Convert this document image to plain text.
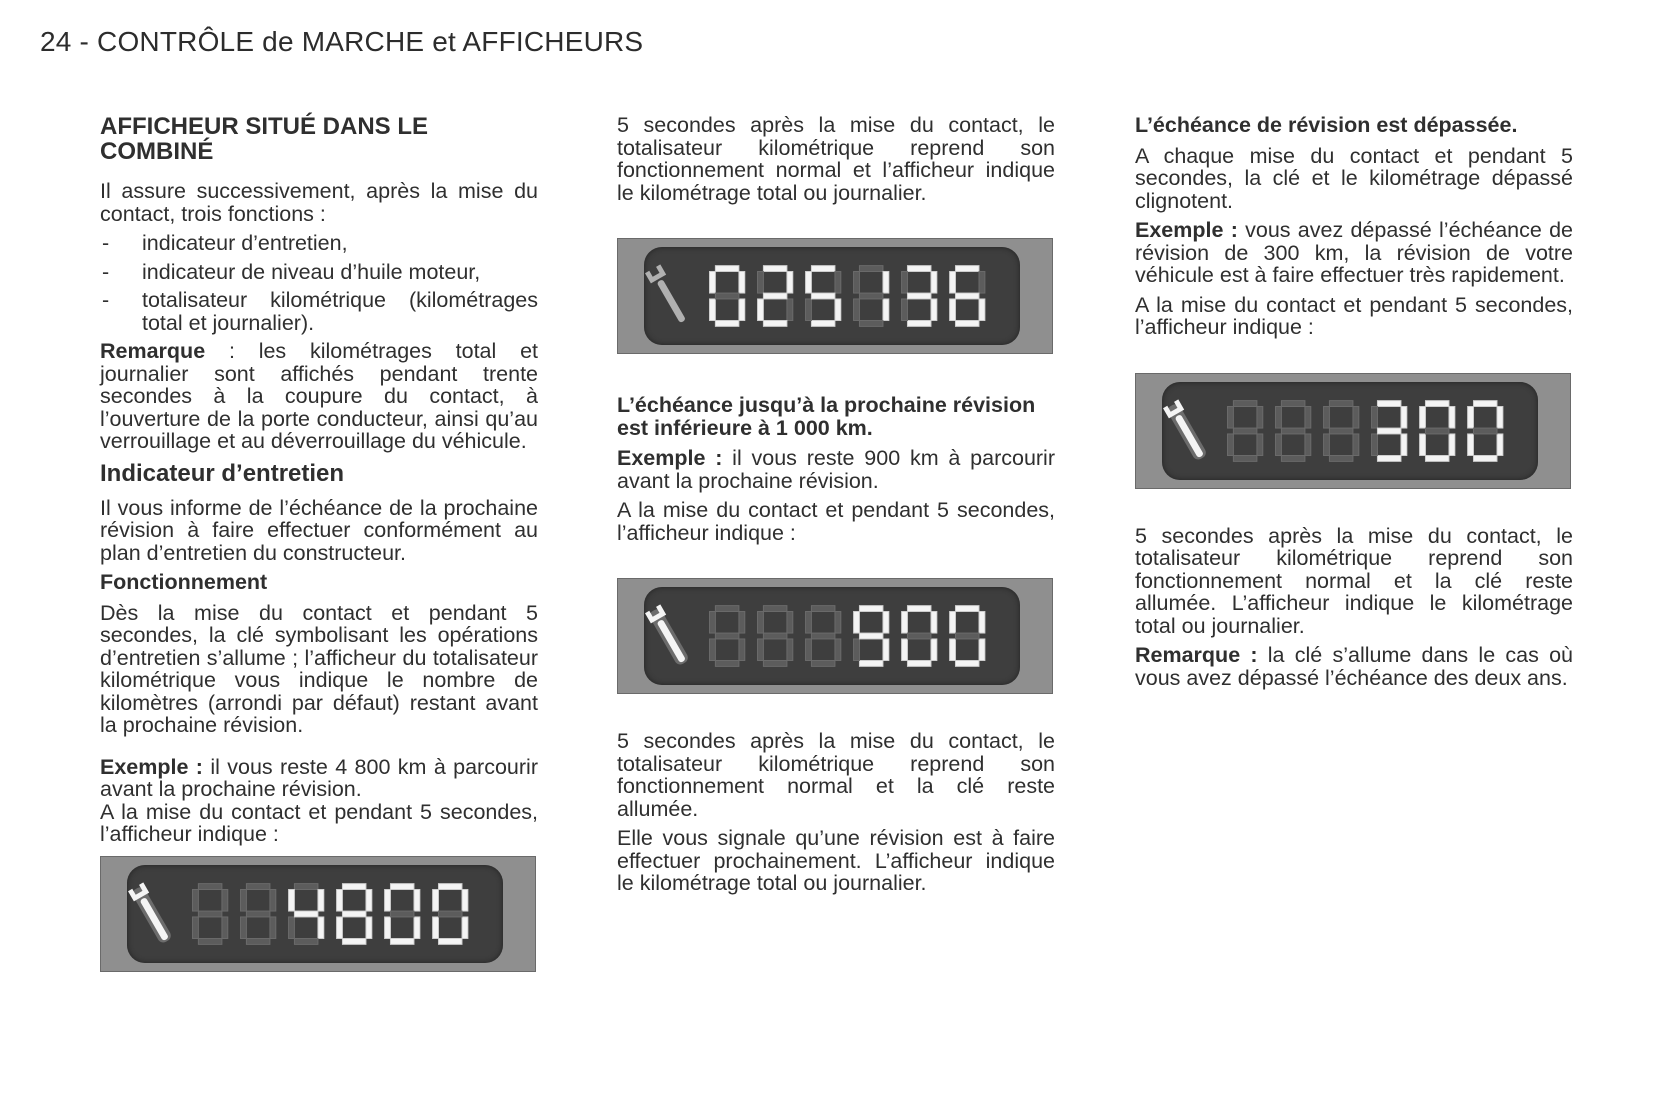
24 - CONTRÔLE de MARCHE et AFFICHEURS
AFFICHEUR SITUÉ DANS LE COMBINÉ

Il assure successivement, après la mise du contact, trois fonctions :

- indicateur d’entretien,
- indicateur de niveau d’huile moteur,
- totalisateur kilométrique (kilométrages total et journalier).

Remarque : les kilométrages total et journalier sont affichés pendant trente secondes à la coupure du contact, à l’ouverture de la porte conducteur, ainsi qu’au verrouillage et au déverrouillage du véhicule.

Indicateur d’entretien

Il vous informe de l’échéance de la prochaine révision à faire effectuer conformément au plan d’entretien du constructeur.

Fonctionnement

Dès la mise du contact et pendant 5 secondes, la clé symbolisant les opérations d’entretien s’allume ; l’afficheur du totalisateur kilométrique vous indique le nombre de kilomètres (arrondi par défaut) restant avant la prochaine révision.

Exemple : il vous reste 4 800 km à parcourir avant la prochaine révision.

A la mise du contact et pendant 5 secondes, l’afficheur indique :

5 secondes après la mise du contact, le totalisateur kilométrique reprend son fonctionnement normal et l’afficheur indique le kilométrage total ou journalier.

L’échéance jusqu’à la prochaine révision est inférieure à 1 000 km.

Exemple : il vous reste 900 km à parcourir avant la prochaine révision.

A la mise du contact et pendant 5 secondes, l’afficheur indique :

5 secondes après la mise du contact, le totalisateur kilométrique reprend son fonctionnement normal et la clé reste allumée.

Elle vous signale qu’une révision est à faire effectuer prochainement. L’afficheur indique le kilométrage total ou journalier.

L’échéance de révision est dépassée.

A chaque mise du contact et pendant 5 secondes, la clé et le kilométrage dépassé clignotent.

Exemple : vous avez dépassé l’échéance de révision de 300 km, la révision de votre véhicule est à faire effectuer très rapidement.

A la mise du contact et pendant 5 secondes, l’afficheur indique :

5 secondes après la mise du contact, le totalisateur kilométrique reprend son fonctionnement normal et la clé reste allumée. L’afficheur indique le kilométrage total ou journalier.

Remarque : la clé s’allume dans le cas où vous avez dépassé l’échéance des deux ans.
